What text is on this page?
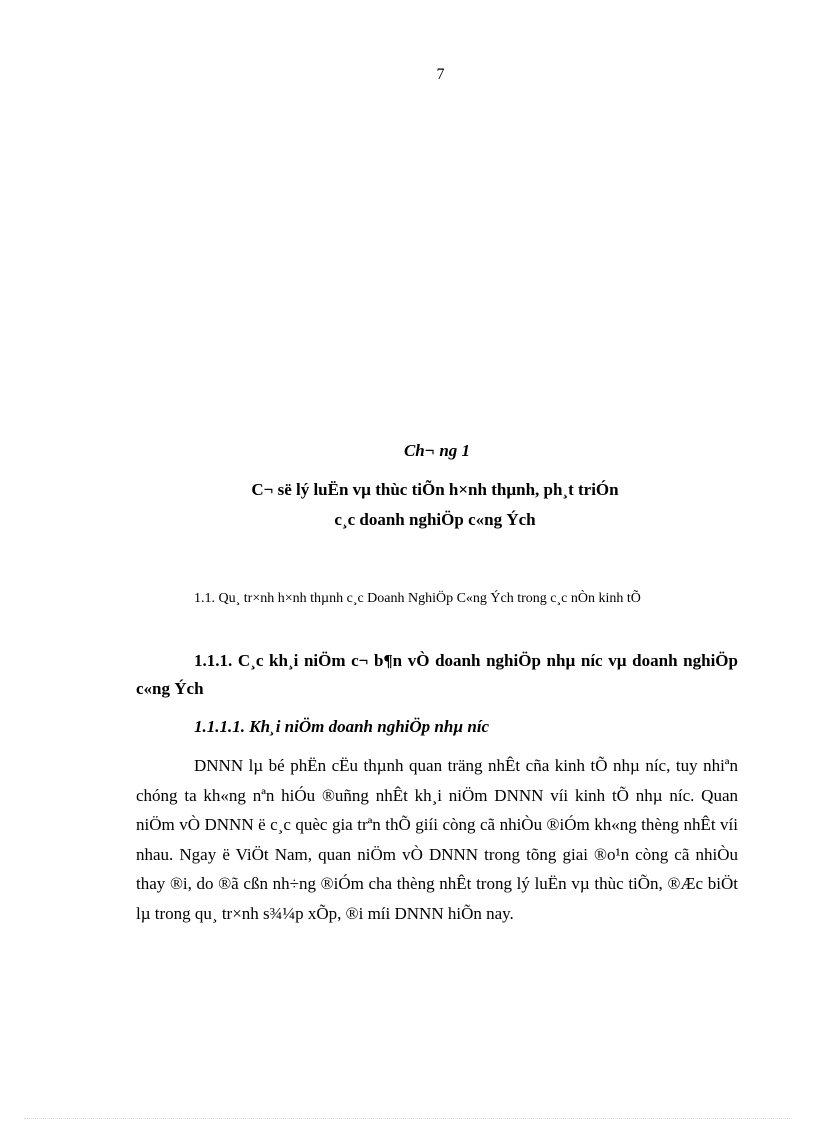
7
Ch¬ ng 1
C¬ së lý luËn vµ thùc tiÕn h×nh thµnh, ph¸t triÓn
c¸c doanh nghiÖp c«ng Ých
1.1. Qu¸ tr×nh h×nh thµnh c¸c Doanh NghiÖp C«ng Ých trong c¸c nÒn kinh tÕ
1.1.1. C¸c kh¸i niÖm c¬ b¶n vÒ doanh nghiÖp nhµ níc vµ doanh nghiÖp c«ng Ých
1.1.1.1. Kh¸i niÖm doanh nghiÖp nhµ níc
DNNN lµ bé phËn cËu thµnh quan träng nhÊt cña kinh tÕ nhµ níc, tuy nhiªn chóng ta kh«ng nªn hiÓu ®uñng nhÊt kh¸i niÖm DNNN víi kinh tÕ nhµ níc. Quan niÖm vÒ DNNN ë c¸c quèc gia trªn thÕ giíi còng cã nhiÒu ®iÓm kh«ng thèng nhÊt víi nhau. Ngay ë ViÖt Nam, quan niÖm vÒ DNNN trong tõng giai ®o¹n còng cã nhiÒu thay ®i, do ®ã cßn nh÷ng ®iÓm cha thèng nhÊt trong lý luËn vµ thùc tiÕn, ®Æc biÖt lµ trong qu¸ tr×nh s¾¼p xÕp, ®i míi DNNN hiÕn nay.
